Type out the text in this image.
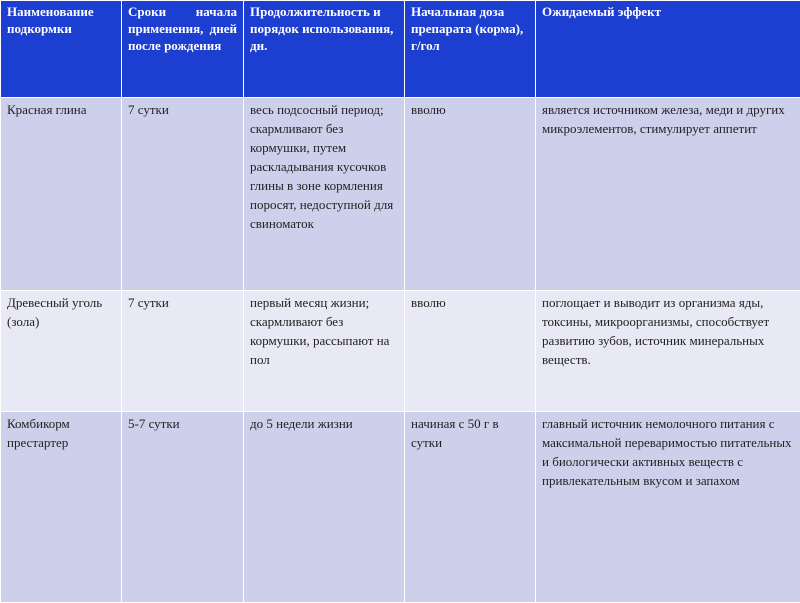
Наименование подкормки	Сроки начала применения, дней после рождения	Продолжительность и порядок использования, дн.	Начальная доза препарата (корма), г/гол	Ожидаемый эффект
Красная глина	7 сутки	весь подсосный период; скармливают без кормушки, путем раскладывания кусочков глины в зоне кормления поросят, недоступной для свиноматок	вволю	является источником железа, меди и других микроэлементов, стимулирует аппетит
Древесный уголь (зола)	7 сутки	первый месяц жизни; скармливают без кормушки, рассыпают на пол	вволю	поглощает и выводит из организма яды, токсины, микроорганизмы, способствует развитию зубов, источник минеральных веществ.
Комбикорм престартер	5-7 сутки	до 5 недели жизни	начиная с 50 г в сутки	главный источник немолочного питания с максимальной переваримостью питательных и биологически активных веществ с привлекательным вкусом и запахом
